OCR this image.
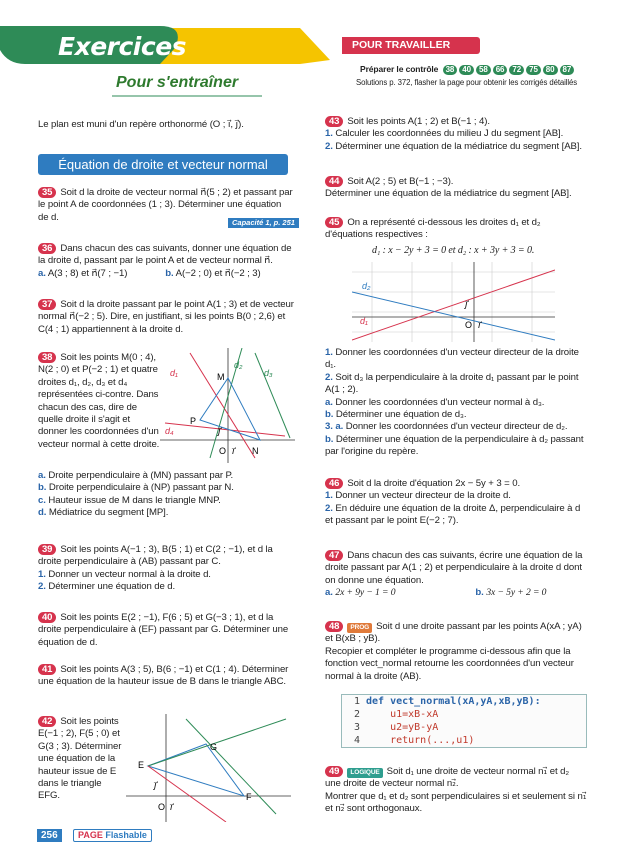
Exercices
Pour s'entraîner
POUR TRAVAILLER SEUL
Préparer le contrôle 38 40 58 66 72 75 80 87
Solutions p. 372, flasher la page pour obtenir les corrigés détaillés
Le plan est muni d'un repère orthonormé (O ; i⃗, j⃗).
Équation de droite et vecteur normal
35 Soit d la droite de vecteur normal n⃗(5 ; 2) et passant par le point A de coordonnées (1 ; 3). Déterminer une équation de d.	Capacité 1, p. 251
36 Dans chacun des cas suivants, donner une équation de la droite d, passant par le point A et de vecteur normal n⃗.
a. A(3 ; 8) et n⃗(7 ; −1)	b. A(−2 ; 0) et n⃗(−2 ; 3)
37 Soit d la droite passant par le point A(1 ; 3) et de vecteur normal n⃗(−2 ; 5). Dire, en justifiant, si les points B(0 ; 2,6) et C(4 ; 1) appartiennent à la droite d.
38 Soit les points M(0 ; 4), N(2 ; 0) et P(−2 ; 1) et quatre droites d₁, d₂, d₃ et d₄ représentées ci-contre. Dans chacun des cas, dire de quelle droite il s'agit et donner les coordonnées d'un vecteur normal à cette droite.
a. Droite perpendiculaire à (MN) passant par P.
b. Droite perpendiculaire à (NP) passant par N.
c. Hauteur issue de M dans le triangle MNP.
d. Médiatrice du segment [MP].
d₁
d₂
d₃
d₄
M
N
P
O i⃗
j⃗
39 Soit les points A(−1 ; 3), B(5 ; 1) et C(2 ; −1), et d la droite perpendiculaire à (AB) passant par C.
1. Donner un vecteur normal à la droite d.
2. Déterminer une équation de d.
40 Soit les points E(2 ; −1), F(6 ; 5) et G(−3 ; 1), et d la droite perpendiculaire à (EF) passant par G. Déterminer une équation de d.
41 Soit les points A(3 ; 5), B(6 ; −1) et C(1 ; 4). Déterminer une équation de la hauteur issue de B dans le triangle ABC.
42 Soit les points E(−1 ; 2), F(5 ; 0) et G(3 ; 3). Déterminer une équation de la hauteur issue de E dans le triangle EFG.
E
F
G
O i⃗
j⃗
43 Soit les points A(1 ; 2) et B(−1 ; 4).
1. Calculer les coordonnées du milieu J du segment [AB].
2. Déterminer une équation de la médiatrice du segment [AB].
44 Soit A(2 ; 5) et B(−1 ; −3).
Déterminer une équation de la médiatrice du segment [AB].
45 On a représenté ci-dessous les droites d₁ et d₂ d'équations respectives :
d₁ : x − 2y + 3 = 0 et d₂ : x + 3y + 3 = 0.
d₂
d₁	O i⃗
j⃗
1. Donner les coordonnées d'un vecteur directeur de la droite d₁.
2. Soit d₃ la perpendiculaire à la droite d₁ passant par le point A(1 ; 2).
a. Donner les coordonnées d'un vecteur normal à d₃.
b. Déterminer une équation de d₃.
3. a. Donner les coordonnées d'un vecteur directeur de d₂.
b. Déterminer une équation de la perpendiculaire à d₂ passant par l'origine du repère.
46 Soit d la droite d'équation 2x − 5y + 3 = 0.
1. Donner un vecteur directeur de la droite d.
2. En déduire une équation de la droite Δ, perpendiculaire à d et passant par le point E(−2 ; 7).
47 Dans chacun des cas suivants, écrire une équation de la droite passant par A(1 ; 2) et perpendiculaire à la droite d dont on donne une équation.
a. 2x + 9y − 1 = 0	b. 3x − 5y + 2 = 0
48 PROG Soit d une droite passant par les points A(xA ; yA) et B(xB ; yB).
Recopier et compléter le programme ci-dessous afin que la fonction vect_normal retourne les coordonnées d'un vecteur normal à la droite (AB).
1 def vect_normal(xA,yA,xB,yB):
2    u1=xB-xA
3    u2=yB-yA
4    return(...,u1)
49 LOGIQUE Soit d₁ une droite de vecteur normal n₁⃗ et d₂ une droite de vecteur normal n₂⃗.
Montrer que d₁ et d₂ sont perpendiculaires si et seulement si n₁⃗ et n₂⃗ sont orthogonaux.
256	PAGE Flashable
